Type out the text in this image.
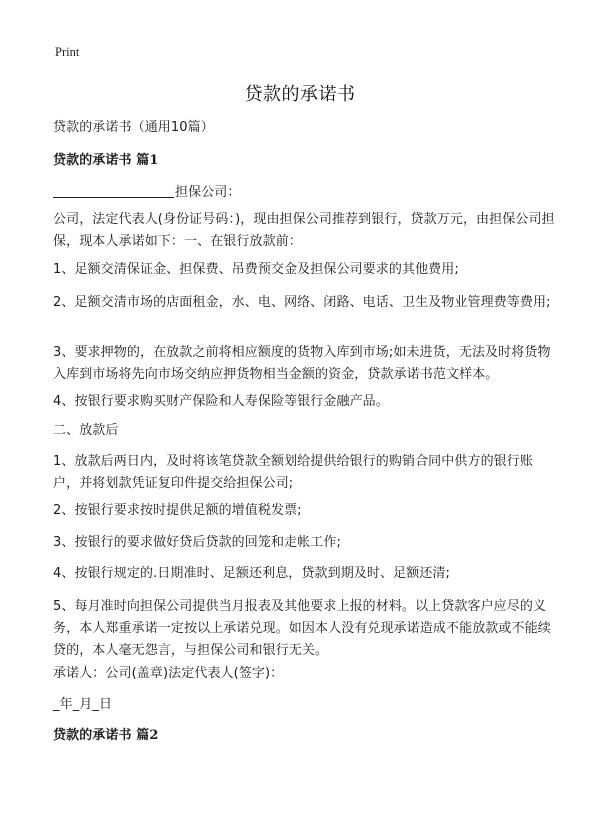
Print
贷款的承诺书
贷款的承诺书（通用10篇）
贷款的承诺书 篇1
担保公司：
公司，法定代表人(身份证号码：)，现由担保公司推荐到银行，贷款万元，由担保公司担保，现本人承诺如下：一、在银行放款前：
1、足额交清保证金、担保费、吊费预交金及担保公司要求的其他费用;
2、足额交清市场的店面租金，水、电、网络、闭路、电话、卫生及物业管理费等费用;
3、要求押物的，在放款之前将相应额度的货物入库到市场;如未进货，无法及时将货物入库到市场将先向市场交纳应押货物相当金额的资金，贷款承诺书范文样本。
4、按银行要求购买财产保险和人寿保险等银行金融产品。
二、放款后
1、放款后两日内，及时将该笔贷款全额划给提供给银行的购销合同中供方的银行账户，并将划款凭证复印件提交给担保公司;
2、按银行要求按时提供足额的增值税发票;
3、按银行的要求做好贷后贷款的回笼和走帐工作;
4、按银行规定的.日期准时、足额还利息，贷款到期及时、足额还清;
5、每月准时向担保公司提供当月报表及其他要求上报的材料。以上贷款客户应尽的义务，本人郑重承诺一定按以上承诺兑现。如因本人没有兑现承诺造成不能放款或不能续贷的，本人毫无怨言，与担保公司和银行无关。
承诺人：公司(盖章)法定代表人(签字)：
_年_月_日
贷款的承诺书 篇2
